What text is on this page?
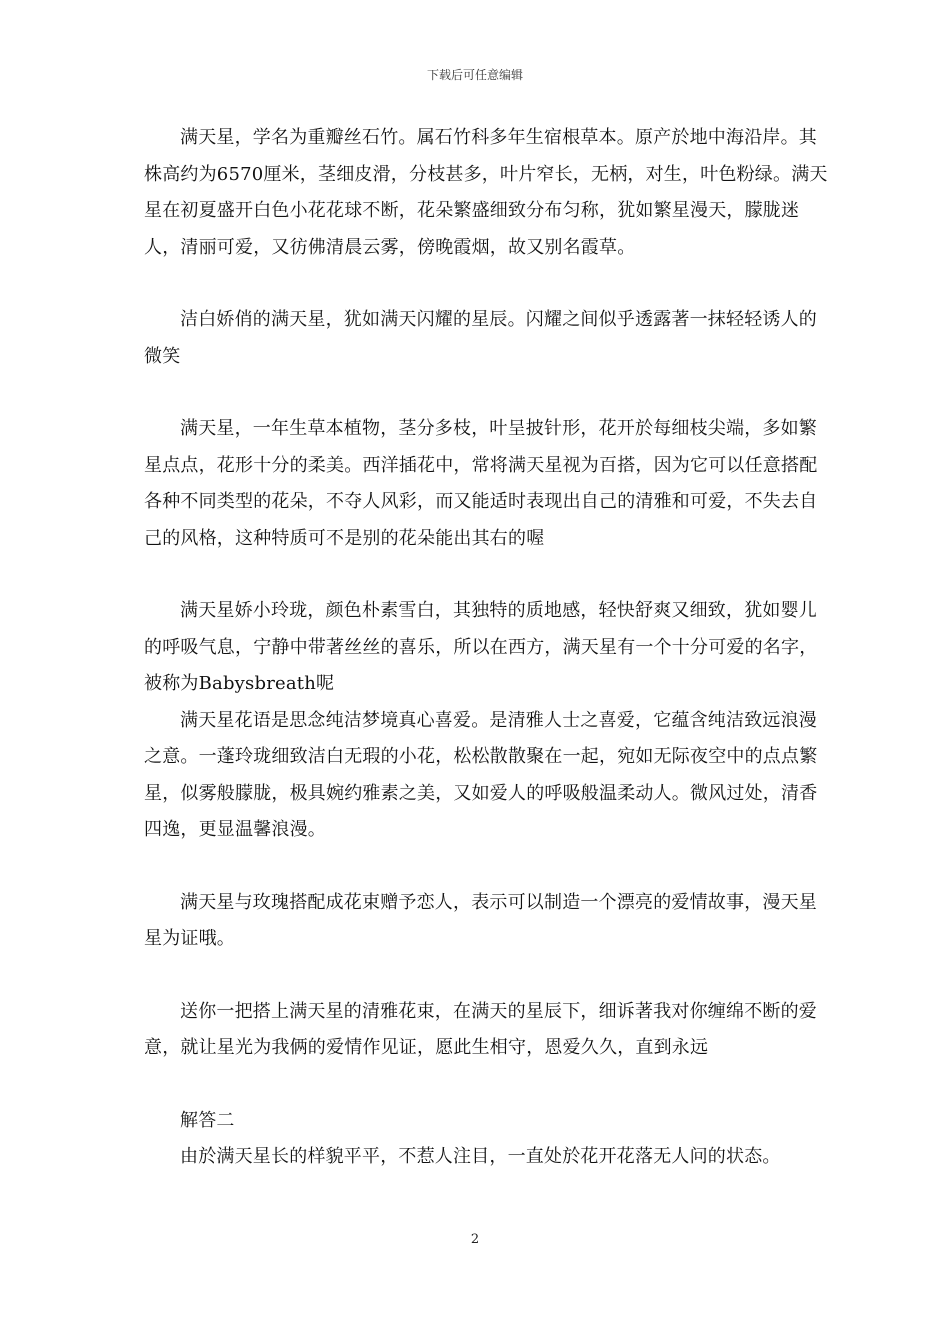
下载后可任意编辑

满天星，学名为重瓣丝石竹。属石竹科多年生宿根草本。原产於地中海沿岸。其株高约为6570厘米，茎细皮滑，分枝甚多，叶片窄长，无柄，对生，叶色粉绿。满天星在初夏盛开白色小花花球不断，花朵繁盛细致分布匀称，犹如繁星漫天，朦胧迷人，清丽可爱，又彷佛清晨云雾，傍晚霞烟，故又别名霞草。

洁白娇俏的满天星，犹如满天闪耀的星辰。闪耀之间似乎透露著一抹轻轻诱人的微笑

满天星，一年生草本植物，茎分多枝，叶呈披针形，花开於每细枝尖端，多如繁星点点，花形十分的柔美。西洋插花中，常将满天星视为百搭，因为它可以任意搭配各种不同类型的花朵，不夺人风彩，而又能适时表现出自己的清雅和可爱，不失去自己的风格，这种特质可不是别的花朵能出其右的喔

满天星娇小玲珑，颜色朴素雪白，其独特的质地感，轻快舒爽又细致，犹如婴儿的呼吸气息，宁静中带著丝丝的喜乐，所以在西方，满天星有一个十分可爱的名字，被称为Babysbreath呢

满天星花语是思念纯洁梦境真心喜爱。是清雅人士之喜爱，它蕴含纯洁致远浪漫之意。一蓬玲珑细致洁白无瑕的小花，松松散散聚在一起，宛如无际夜空中的点点繁星，似雾般朦胧，极具婉约雅素之美，又如爱人的呼吸般温柔动人。微风过处，清香四逸，更显温馨浪漫。

满天星与玫瑰搭配成花束赠予恋人，表示可以制造一个漂亮的爱情故事，漫天星星为证哦。

送你一把搭上满天星的清雅花束，在满天的星辰下，细诉著我对你缠绵不断的爱意，就让星光为我俩的爱情作见证，愿此生相守，恩爱久久，直到永远

解答二

由於满天星长的样貌平平，不惹人注目，一直处於花开花落无人问的状态。

2
